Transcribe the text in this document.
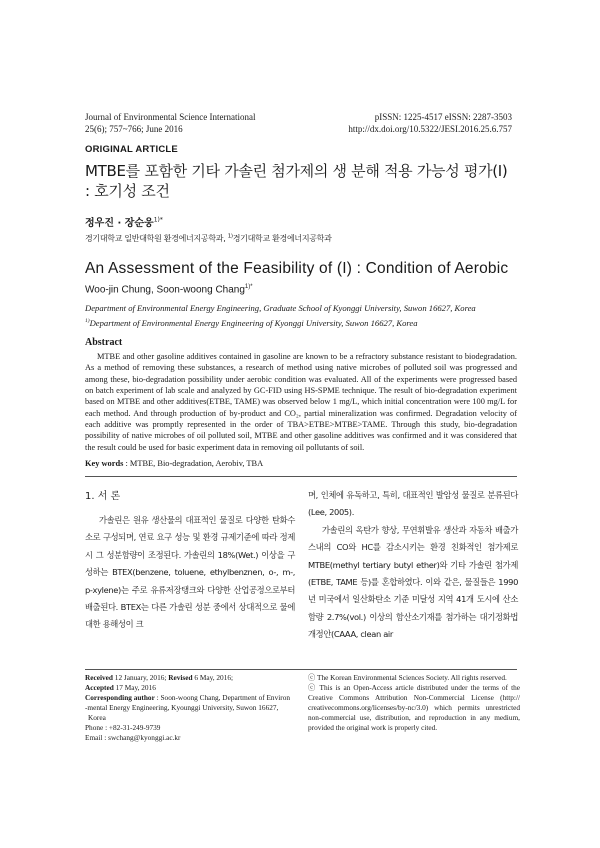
Journal of Environmental Science International
25(6); 757~766; June 2016
pISSN: 1225-4517 eISSN: 2287-3503
http://dx.doi.org/10.5322/JESI.2016.25.6.757
ORIGINAL ARTICLE
MTBE를 포함한 기타 가솔린 첨가제의 생 분해 적용 가능성 평가(Ⅰ)
: 호기성 조건
정우진 · 장순웅$^{1)*}$
경기대학교 일반대학원 환경에너지공학과, $^{1)}$경기대학교 환경에너지공학과
An Assessment of the Feasibility of (I) : Condition of Aerobic
Woo-jin Chung, Soon-woong Chang$^{1)*}$
Department of Environmental Energy Engineering, Graduate School of Kyonggi University, Suwon 16627, Korea
$^{1)}$Department of Environmental Energy Engineering of Kyonggi University, Suwon 16627, Korea
Abstract
MTBE and other gasoline additives contained in gasoline are known to be a refractory substance resistant to biodegradation. As a method of removing these substances, a research of method using native microbes of polluted soil was progressed and among these, bio-degradation possibility under aerobic condition was evaluated. All of the experiments were progressed based on batch experiment of lab scale and analyzed by GC-FID using HS-SPME technique. The result of bio-degradation experiment based on MTBE and other additives(ETBE, TAME) was observed below 1 mg/L, which initial concentration were 100 mg/L for each method. And through production of by-product and CO₂, partial mineralization was confirmed. Degradation velocity of each additive was promptly represented in the order of TBA>ETBE>MTBE>TAME. Through this study, bio-degradation possibility of native microbes of oil polluted soil, MTBE and other gasoline additives was confirmed and it was considered that the result could be used for basic experiment data in removing oil pollutants of soil.
Key words : MTBE, Bio-degradation, Aerobiv, TBA
1. 서 론

가솔린은 원유 생산물의 대표적인 물질로 다양한 탄화수소로 구성되며, 연료 요구 성능 및 환경 규제기준에 따라 정제 시 그 성분함량이 조정된다. 가솔린의 18%(Wet.) 이상을 구성하는 BTEX(benzene, toluene, ethylbenznen, o-, m-, p-xylene)는 주로 유류저장탱크와 다양한 산업공정으로부터 배출된다. BTEX는 다른 가솔린 성분 중에서 상대적으로 물에 대한 용해성이 크

며, 인체에 유독하고, 특히, 대표적인 발암성 물질로 분류된다(Lee, 2005).

가솔린의 옥탄가 향상, 무연휘발유 생산과 자동차 배출가스내의 CO와 HC를 감소시키는 환경 친화적인 첨가제로 MTBE(methyl tertiary butyl ether)와 기타 가솔린 첨가제(ETBE, TAME 등)를 혼합하였다. 이와 같은, 물질들은 1990년 미국에서 일산화탄소 기준 미달성 지역 41개 도시에 산소함량 2.7%(vol.) 이상의 함산소기재를 첨가하는 대기정화법 개정안(CAAA, clean air

Received 12 January, 2016; Revised 6 May, 2016;
Accepted 17 May, 2016
Corresponding author : Soon-woong Chang, Department of Environ
-mental Energy Engineering, Kyounggi University, Suwon 16627,
Korea
Phone : +82-31-249-9739
Email : swchang@kyonggi.ac.kr
ⓒ The Korean Environmental Sciences Society. All rights reserved.
ⓒ This is an Open-Access article distributed under the terms of the Creative Commons Attribution Non-Commercial License (http:// creativecommons.org/licenses/by-nc/3.0) which permits unrestricted non-commercial use, distribution, and reproduction in any medium, provided the original work is properly cited.
